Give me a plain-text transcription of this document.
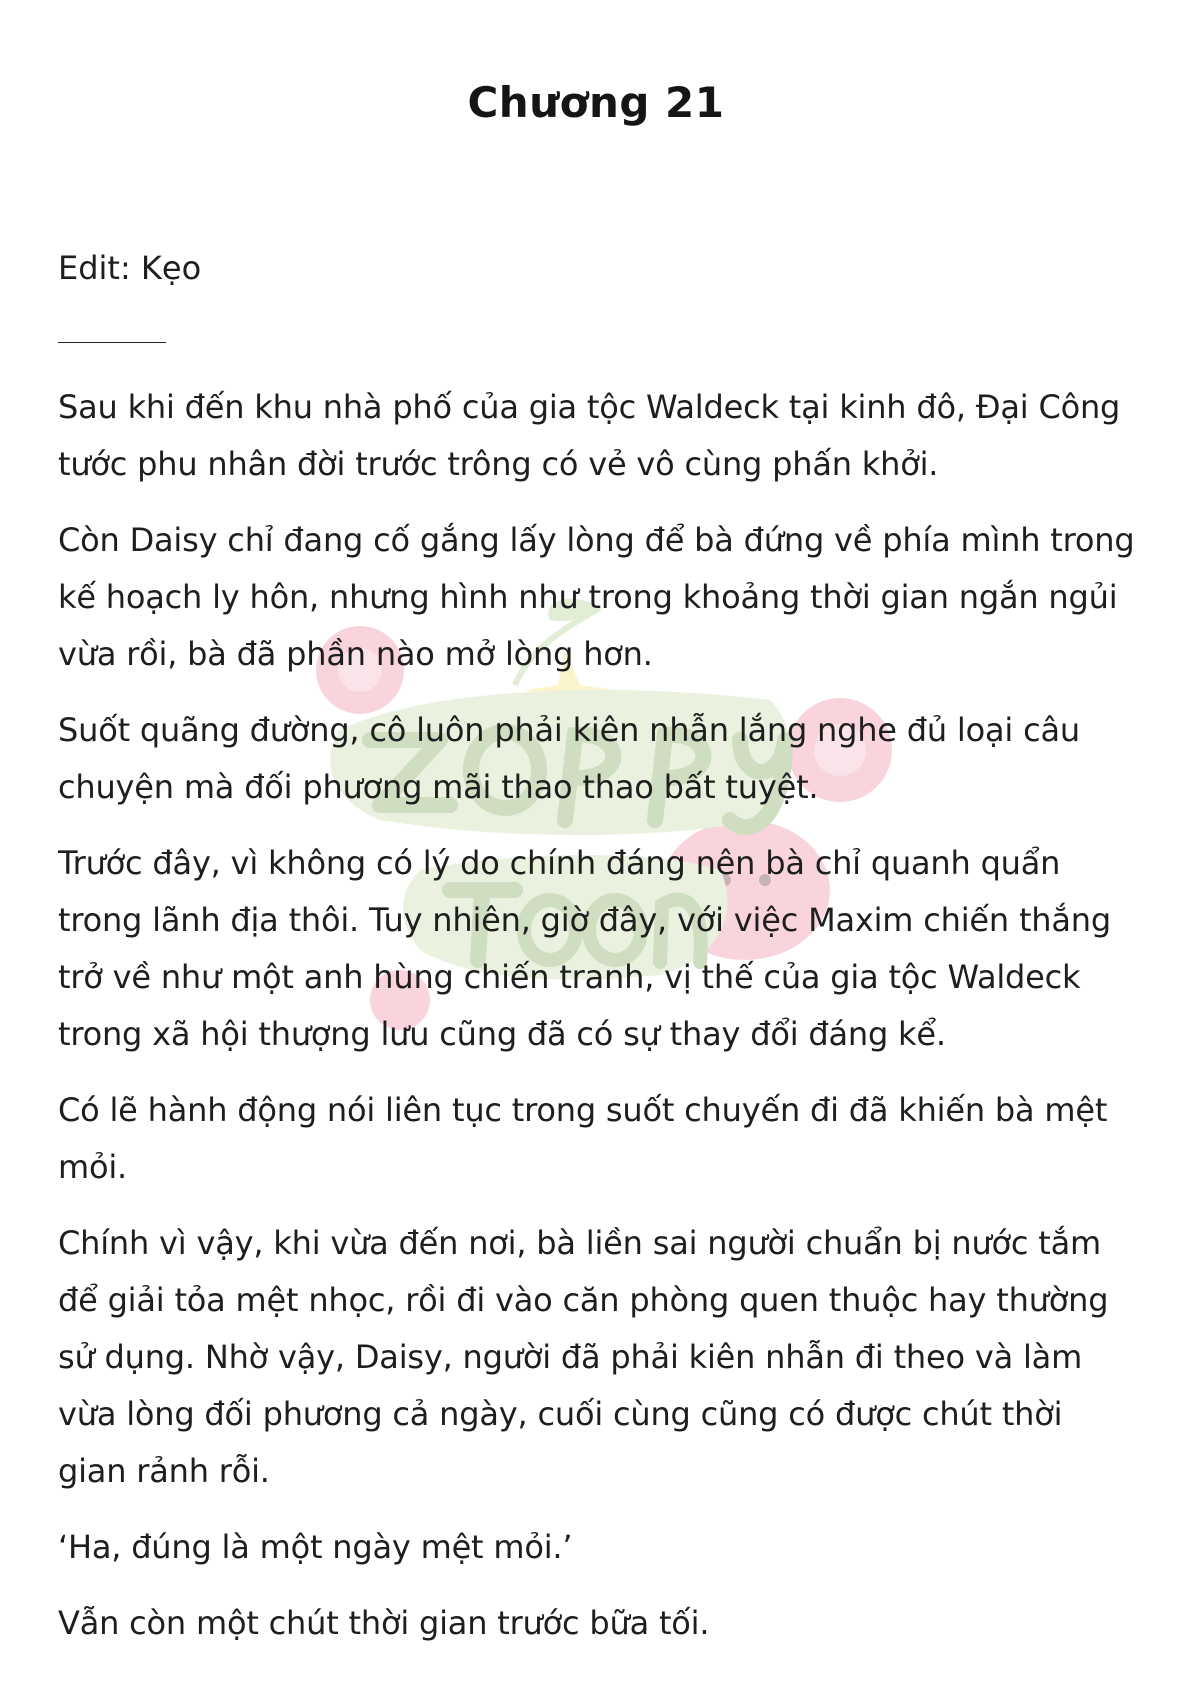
Chương 21

Edit: Kẹo

Sau khi đến khu nhà phố của gia tộc Waldeck tại kinh đô, Đại Công tước phu nhân đời trước trông có vẻ vô cùng phấn khởi.

Còn Daisy chỉ đang cố gắng lấy lòng để bà đứng về phía mình trong kế hoạch ly hôn, nhưng hình như trong khoảng thời gian ngắn ngủi vừa rồi, bà đã phần nào mở lòng hơn.

Suốt quãng đường, cô luôn phải kiên nhẫn lắng nghe đủ loại câu chuyện mà đối phương mãi thao thao bất tuyệt.

Trước đây, vì không có lý do chính đáng nên bà chỉ quanh quẩn trong lãnh địa thôi. Tuy nhiên, giờ đây, với việc Maxim chiến thắng trở về như một anh hùng chiến tranh, vị thế của gia tộc Waldeck trong xã hội thượng lưu cũng đã có sự thay đổi đáng kể.

Có lẽ hành động nói liên tục trong suốt chuyến đi đã khiến bà mệt mỏi.

Chính vì vậy, khi vừa đến nơi, bà liền sai người chuẩn bị nước tắm để giải tỏa mệt nhọc, rồi đi vào căn phòng quen thuộc hay thường sử dụng. Nhờ vậy, Daisy, người đã phải kiên nhẫn đi theo và làm vừa lòng đối phương cả ngày, cuối cùng cũng có được chút thời gian rảnh rỗi.

‘Ha, đúng là một ngày mệt mỏi.’

Vẫn còn một chút thời gian trước bữa tối.
